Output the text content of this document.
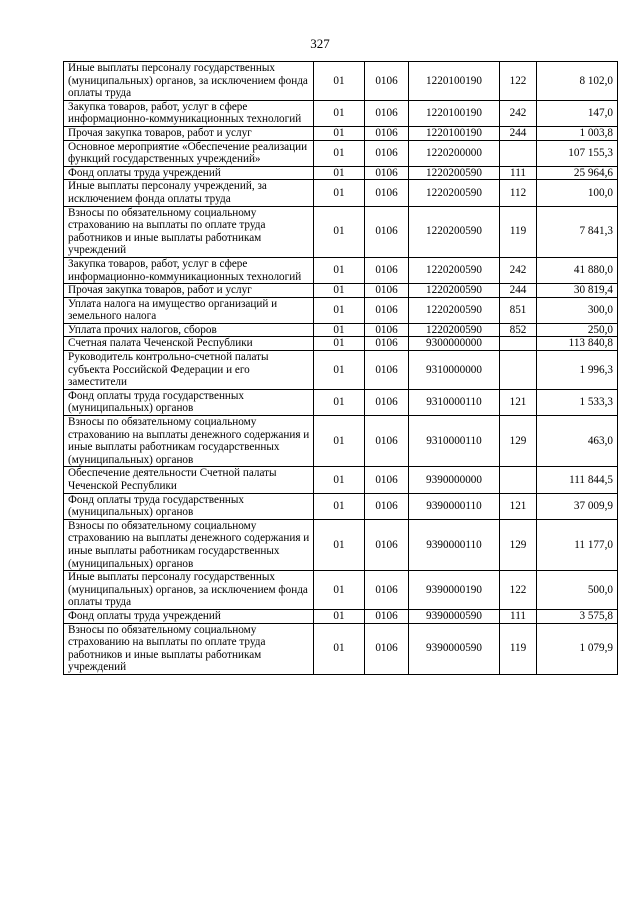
327
Иные выплаты персоналу государственных (муниципальных) органов, за исключением фонда оплаты труда	01	0106	1220100190	122	8 102,0
Закупка товаров, работ, услуг в сфере информационно-коммуникационных технологий	01	0106	1220100190	242	147,0
Прочая закупка товаров, работ и услуг	01	0106	1220100190	244	1 003,8
Основное мероприятие «Обеспечение реализации функций государственных учреждений»	01	0106	1220200000		107 155,3
Фонд оплаты труда учреждений	01	0106	1220200590	111	25 964,6
Иные выплаты персоналу учреждений, за исключением фонда оплаты труда	01	0106	1220200590	112	100,0
Взносы по обязательному социальному страхованию на выплаты по оплате труда работников и иные выплаты работникам учреждений	01	0106	1220200590	119	7 841,3
Закупка товаров, работ, услуг в сфере информационно-коммуникационных технологий	01	0106	1220200590	242	41 880,0
Прочая закупка товаров, работ и услуг	01	0106	1220200590	244	30 819,4
Уплата налога на имущество организаций и земельного налога	01	0106	1220200590	851	300,0
Уплата прочих налогов, сборов	01	0106	1220200590	852	250,0
Счетная палата Чеченской Республики	01	0106	9300000000		113 840,8
Руководитель контрольно-счетной палаты субъекта Российской Федерации и его заместители	01	0106	9310000000		1 996,3
Фонд оплаты труда государственных (муниципальных) органов	01	0106	9310000110	121	1 533,3
Взносы по обязательному социальному страхованию на выплаты денежного содержания и иные выплаты работникам государственных (муниципальных) органов	01	0106	9310000110	129	463,0
Обеспечение деятельности Счетной палаты Чеченской Республики	01	0106	9390000000		111 844,5
Фонд оплаты труда государственных (муниципальных) органов	01	0106	9390000110	121	37 009,9
Взносы по обязательному социальному страхованию на выплаты денежного содержания и иные выплаты работникам государственных (муниципальных) органов	01	0106	9390000110	129	11 177,0
Иные выплаты персоналу государственных (муниципальных) органов, за исключением фонда оплаты труда	01	0106	9390000190	122	500,0
Фонд оплаты труда учреждений	01	0106	9390000590	111	3 575,8
Взносы по обязательному социальному страхованию на выплаты по оплате труда работников и иные выплаты работникам учреждений	01	0106	9390000590	119	1 079,9
